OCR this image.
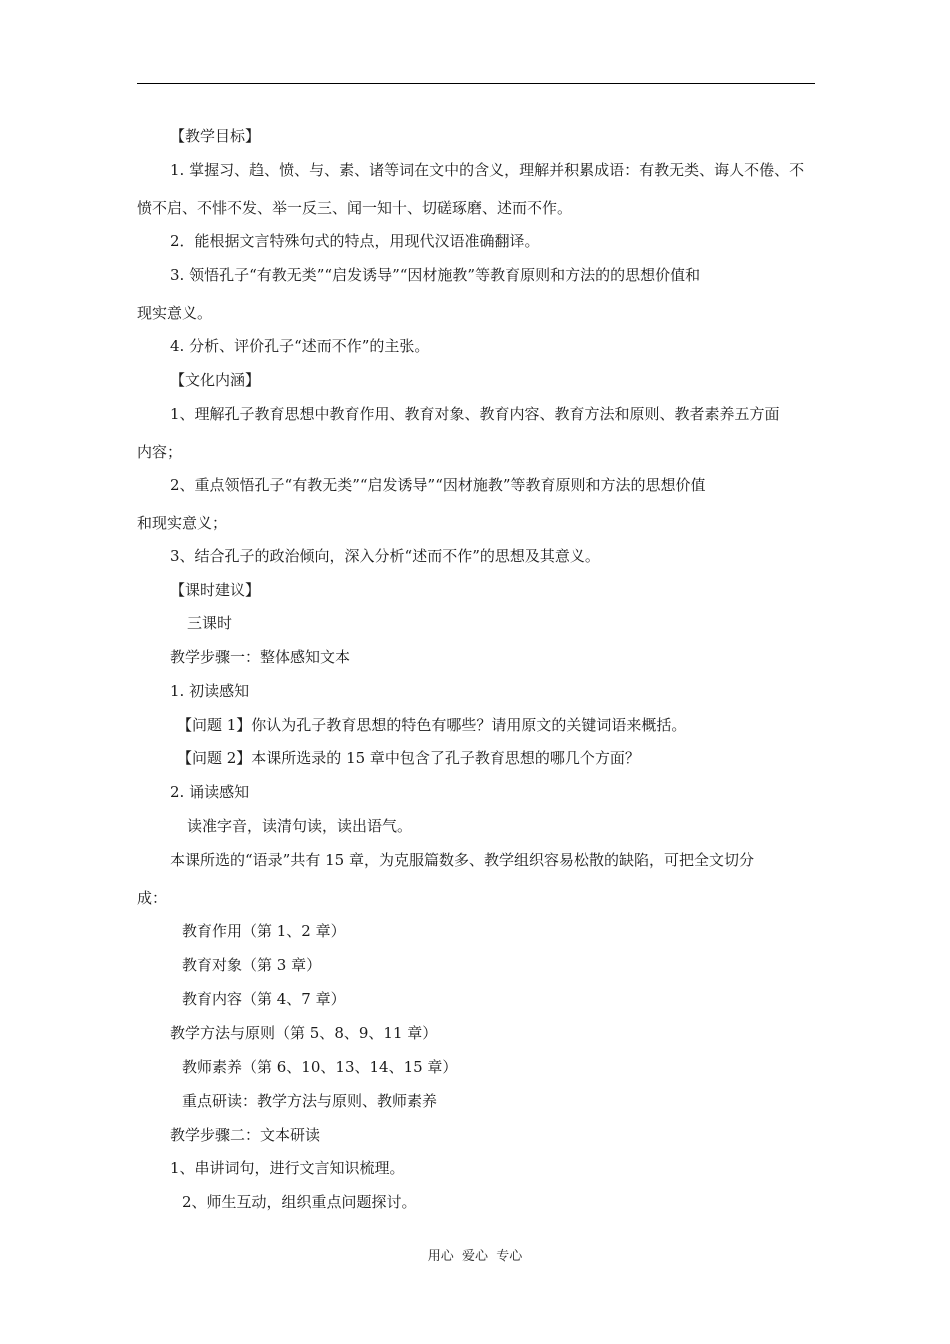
【教学目标】
1. 掌握习、趋、愤、与、素、诸等词在文中的含义，理解并积累成语：有教无类、诲人不倦、不
愤不启、不悱不发、举一反三、闻一知十、切磋琢磨、述而不作。
2．能根据文言特殊句式的特点，用现代汉语准确翻译。
3. 领悟孔子“有教无类”“启发诱导”“因材施教”等教育原则和方法的的思想价值和
现实意义。
4. 分析、评价孔子“述而不作”的主张。
【文化内涵】
1、理解孔子教育思想中教育作用、教育对象、教育内容、教育方法和原则、教者素养五方面
内容；
2、重点领悟孔子“有教无类”“启发诱导”“因材施教”等教育原则和方法的思想价值
和现实意义；
3、结合孔子的政治倾向，深入分析“述而不作”的思想及其意义。
【课时建议】
三课时
教学步骤一：整体感知文本
1. 初读感知
【问题 1】你认为孔子教育思想的特色有哪些？请用原文的关键词语来概括。
【问题 2】本课所选录的 15 章中包含了孔子教育思想的哪几个方面？
2. 诵读感知
读准字音，读清句读，读出语气。
本课所选的“语录”共有 15 章，为克服篇数多、教学组织容易松散的缺陷，可把全文切分
成：
教育作用（第 1、2 章）
教育对象（第 3 章）
教育内容（第 4、7 章）
教学方法与原则（第 5、8、9、11 章）
教师素养（第 6、10、13、14、15 章）
重点研读：教学方法与原则、教师素养
教学步骤二：文本研读
1、串讲词句，进行文言知识梳理。
2、师生互动，组织重点问题探讨。
用心  爱心  专心
